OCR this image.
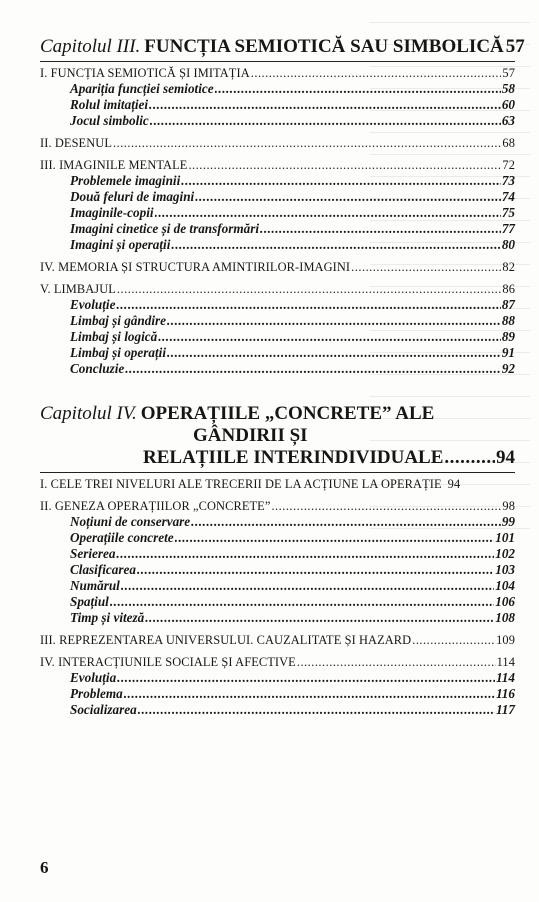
Capitolul III. FUNCȚIA SEMIOTICĂ SAU SIMBOLICĂ 57
I. FUNCȚIA SEMIOTICĂ ȘI IMITAȚIA .....	57
Apariția funcției semiotice .....	58
Rolul imitației .....	60
Jocul simbolic .....	63
II. DESENUL .....	68
III. IMAGINILE MENTALE .....	72
Problemele imaginii .....	73
Două feluri de imagini .....	74
Imaginile-copii .....	75
Imagini cinetice și de transformări .....	77
Imagini și operații .....	80
IV. MEMORIA ȘI STRUCTURA AMINTIRILOR-IMAGINI .....	82
V. LIMBAJUL .....	86
Evoluție .....	87
Limbaj și gândire .....	88
Limbaj și logică .....	89
Limbaj și operații .....	91
Concluzie .....	92
Capitolul IV. OPERAȚIILE „CONCRETE” ALE
GÂNDIRII ȘI
RELAȚIILE INTERINDIVIDUALE .....	94
I. CELE TREI NIVELURI ALE TRECERII DE LA ACȚIUNE LA OPERAȚIE 94
II. GENEZA OPERAȚIILOR „CONCRETE” .....	98
Noțiuni de conservare .....	99
Operațiile concrete .....	101
Serierea .....	102
Clasificarea .....	103
Numărul .....	104
Spațiul .....	106
Timp și viteză .....	108
III. REPREZENTAREA UNIVERSULUI. CAUZALITATE ȘI HAZARD .....	109
IV. INTERACȚIUNILE SOCIALE ȘI AFECTIVE .....	114
Evoluția .....	114
Problema .....	116
Socializarea .....	117
6
